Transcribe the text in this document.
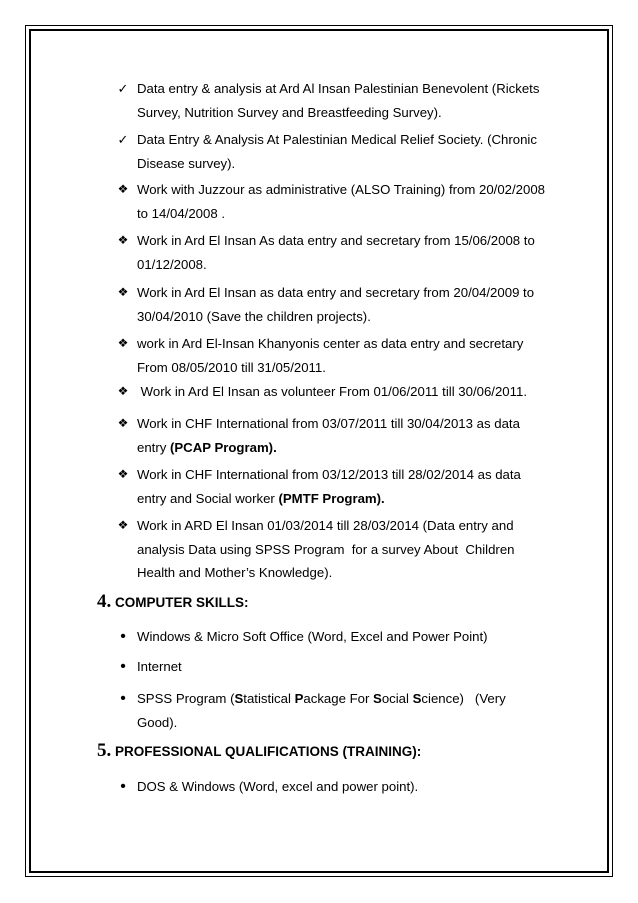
✓ Data entry & analysis at Ard Al Insan Palestinian Benevolent (Rickets
Survey, Nutrition Survey and Breastfeeding Survey).
✓ Data Entry & Analysis At Palestinian Medical Relief Society. (Chronic
Disease survey).
❖ Work with Juzzour as administrative (ALSO Training) from 20/02/2008
to 14/04/2008 .
❖ Work in Ard El Insan As data entry and secretary from 15/06/2008 to
01/12/2008.
❖ Work in Ard El Insan as data entry and secretary from 20/04/2009 to
30/04/2010 (Save the children projects).
❖ work in Ard El-Insan Khanyonis center as data entry and secretary
From 08/05/2010 till 31/05/2011.
❖ Work in Ard El Insan as volunteer From 01/06/2011 till 30/06/2011.
❖ Work in CHF International from 03/07/2011 till 30/04/2013 as data
entry (PCAP Program).
❖ Work in CHF International from 03/12/2013 till 28/02/2014 as data
entry and Social worker (PMTF Program).
❖ Work in ARD El Insan 01/03/2014 till 28/03/2014 (Data entry and
analysis Data using SPSS Program  for a survey About  Children
Health and Mother’s Knowledge).
4. COMPUTER SKILLS:
• Windows & Micro Soft Office (Word, Excel and Power Point)
• Internet
• SPSS Program (Statistical Package For Social Science)   (Very
Good).
5. PROFESSIONAL QUALIFICATIONS (TRAINING):
• DOS & Windows (Word, excel and power point).
